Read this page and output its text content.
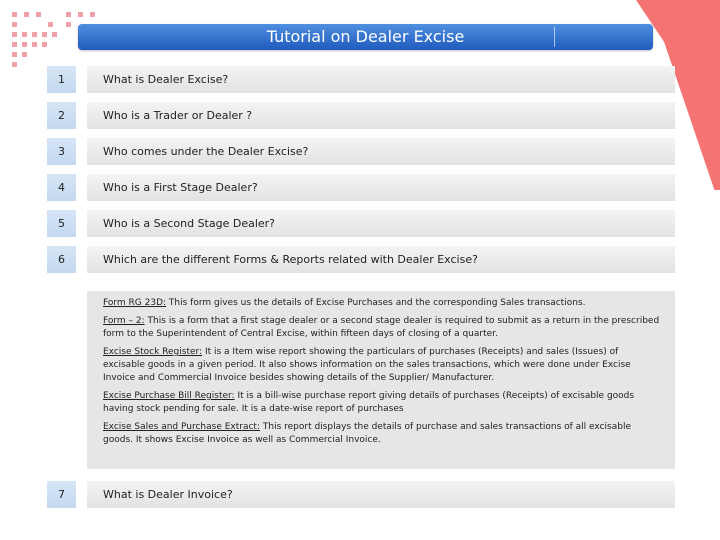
Tutorial on Dealer Excise
1	What is Dealer Excise?
2	Who is a Trader or Dealer ?
3	Who comes under the Dealer Excise?
4	Who is a First Stage Dealer?
5	Who is a Second Stage Dealer?
6	Which are the different Forms & Reports related with Dealer Excise?

Form RG 23D: This form gives us the details of Excise Purchases and the corresponding Sales transactions.

Form – 2: This is a form that a first stage dealer or a second stage dealer is required to submit as a return in the prescribed form to the Superintendent of Central Excise, within fifteen days of closing of a quarter.

Excise Stock Register: It is a Item wise report showing the particulars of purchases (Receipts) and sales (Issues) of excisable goods in a given period. It also shows information on the sales transactions, which were done under Excise Invoice and Commercial Invoice besides showing details of the Supplier/ Manufacturer.

Excise Purchase Bill Register: It is a bill-wise purchase report giving details of purchases (Receipts) of excisable goods having stock pending for sale. It is a date-wise report of purchases

Excise Sales and Purchase Extract: This report displays the details of purchase and sales transactions of all excisable goods. It shows Excise Invoice as well as Commercial Invoice.

7	What is Dealer Invoice?
